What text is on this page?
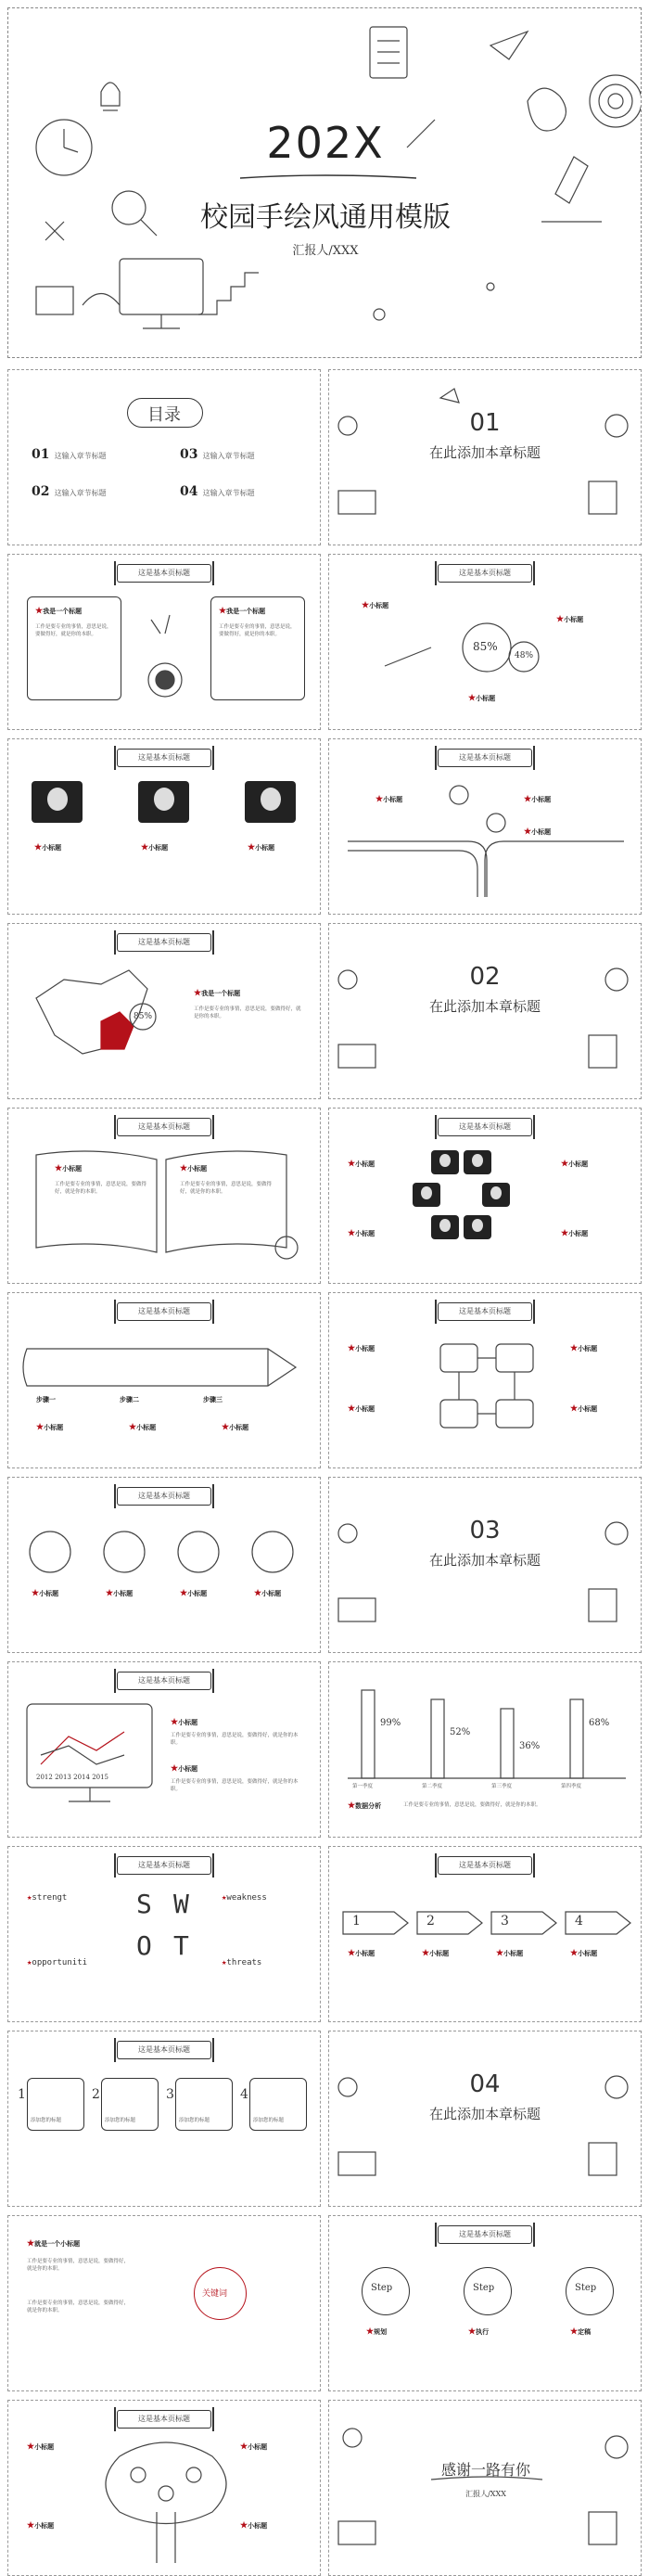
202X
校园手绘风通用模版
汇报人/XXX
目录
01 这输入章节标题
02 这输入章节标题
03 这输入章节标题
04 这输入章节标题
01
在此添加本章标题
这是基本页标题
★我是一个标题
工作是要专业的事情，意思是说，要做得好，就是你的本职。
★我是一个标题
工作是要专业的事情，意思是说，要做得好，就是你的本职。
这是基本页标题
85%
48%
★小标题
★小标题
★小标题
这是基本页标题
★小标题	★小标题	★小标题
这是基本页标题
★小标题	★小标题
★小标题
这是基本页标题
85%
★我是一个标题
工作是要专业的事情，意思是说，要做得好，就是你的本职。
02
在此添加本章标题
这是基本页标题
★小标题
工作是要专业的事情，意思是说，要做得好，就是你的本职。
★小标题
工作是要专业的事情，意思是说，要做得好，就是你的本职。
这是基本页标题
★小标题
★小标题
★小标题
★小标题
这是基本页标题
步骤一	步骤二	步骤三
★小标题	★小标题	★小标题
这是基本页标题
★小标题
★小标题
★小标题
★小标题
这是基本页标题
★小标题	★小标题	★小标题	★小标题
03
在此添加本章标题
这是基本页标题
2012 2013 2014 2015
★小标题
工作是要专业的事情，意思是说，要做得好，就是你的本职。
★小标题
工作是要专业的事情，意思是说，要做得好，就是你的本职。
99%
52%
36%
68%
第一季度	第二季度	第三季度	第四季度
★数据分析	工作是要专业的事情，意思是说，要做得好，就是你的本职。
这是基本页标题
S W
O T
★strengt	★weakness
★opportuniti	★threats
这是基本页标题
1	2	3	4
★小标题	★小标题	★小标题	★小标题
这是基本页标题
1	2	3	4
添加您的标题	添加您的标题	添加您的标题	添加您的标题
04
在此添加本章标题
★就是一个小标题
工作是要专业的事情，意思是说，要做得好，就是你的本职。
工作是要专业的事情，意思是说，要做得好，就是你的本职。
关键词
这是基本页标题
Step	Step	Step
★规划	★执行	★定稿
这是基本页标题
★小标题
★小标题
★小标题
★小标题
感谢一路有你
汇报人/XXX
